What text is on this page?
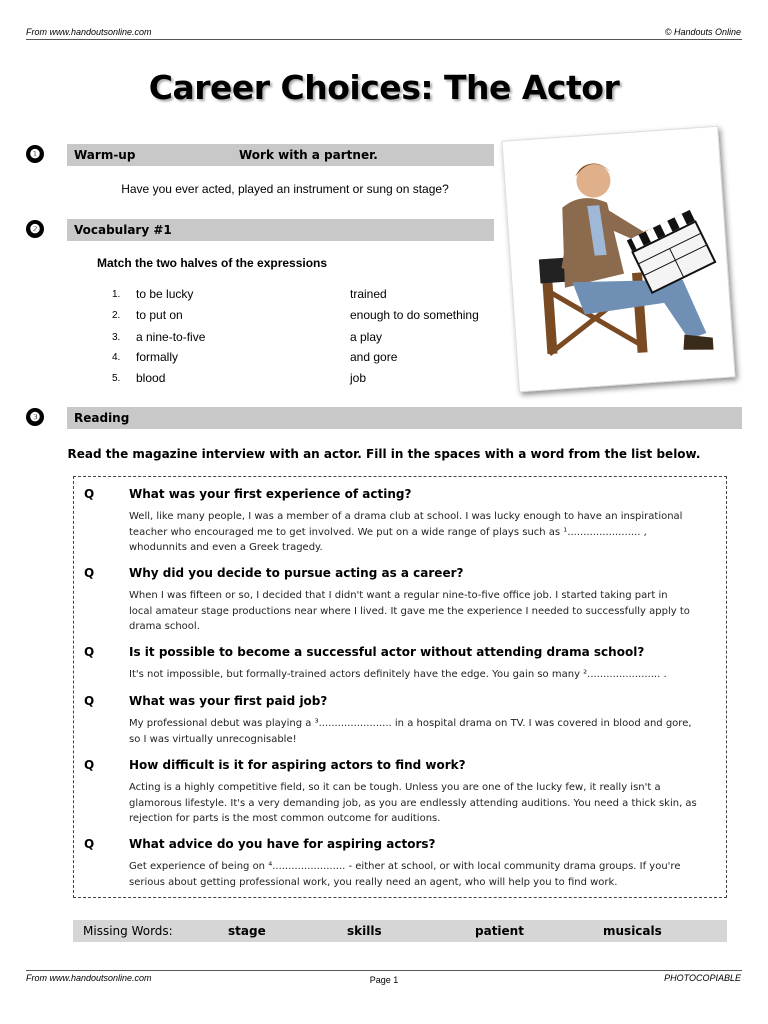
From www.handoutsonline.com	© Handouts Online
Career Choices: The Actor
❶	Warm-up	Work with a partner.
Have you ever acted, played an instrument or sung on stage?
❷	Vocabulary #1
Match the two halves of the expressions
1. to be lucky	trained
2. to put on	enough to do something
3. a nine-to-five	a play
4. formally	and gore
5. blood	job
❸	Reading
Read the magazine interview with an actor. Fill in the spaces with a word from the list below.
Q	What was your first experience of acting?
Well, like many people, I was a member of a drama club at school. I was lucky enough to have an inspirational
teacher who encouraged me to get involved. We put on a wide range of plays such as ¹....................... ,
whodunnits and even a Greek tragedy.
Q	Why did you decide to pursue acting as a career?
When I was fifteen or so, I decided that I didn't want a regular nine-to-five office job. I started taking part in
local amateur stage productions near where I lived. It gave me the experience I needed to successfully apply to
drama school.
Q	Is it possible to become a successful actor without attending drama school?
It's not impossible, but formally-trained actors definitely have the edge. You gain so many ²....................... .
Q	What was your first paid job?
My professional debut was playing a ³....................... in a hospital drama on TV. I was covered in blood and gore,
so I was virtually unrecognisable!
Q	How difficult is it for aspiring actors to find work?
Acting is a highly competitive field, so it can be tough. Unless you are one of the lucky few, it really isn't a
glamorous lifestyle. It's a very demanding job, as you are endlessly attending auditions. You need a thick skin, as
rejection for parts is the most common outcome for auditions.
Q	What advice do you have for aspiring actors?
Get experience of being on ⁴....................... - either at school, or with local community drama groups. If you're
serious about getting professional work, you really need an agent, who will help you to find work.
Missing Words:	stage	skills	patient	musicals
From www.handoutsonline.com	Page 1	PHOTOCOPIABLE
